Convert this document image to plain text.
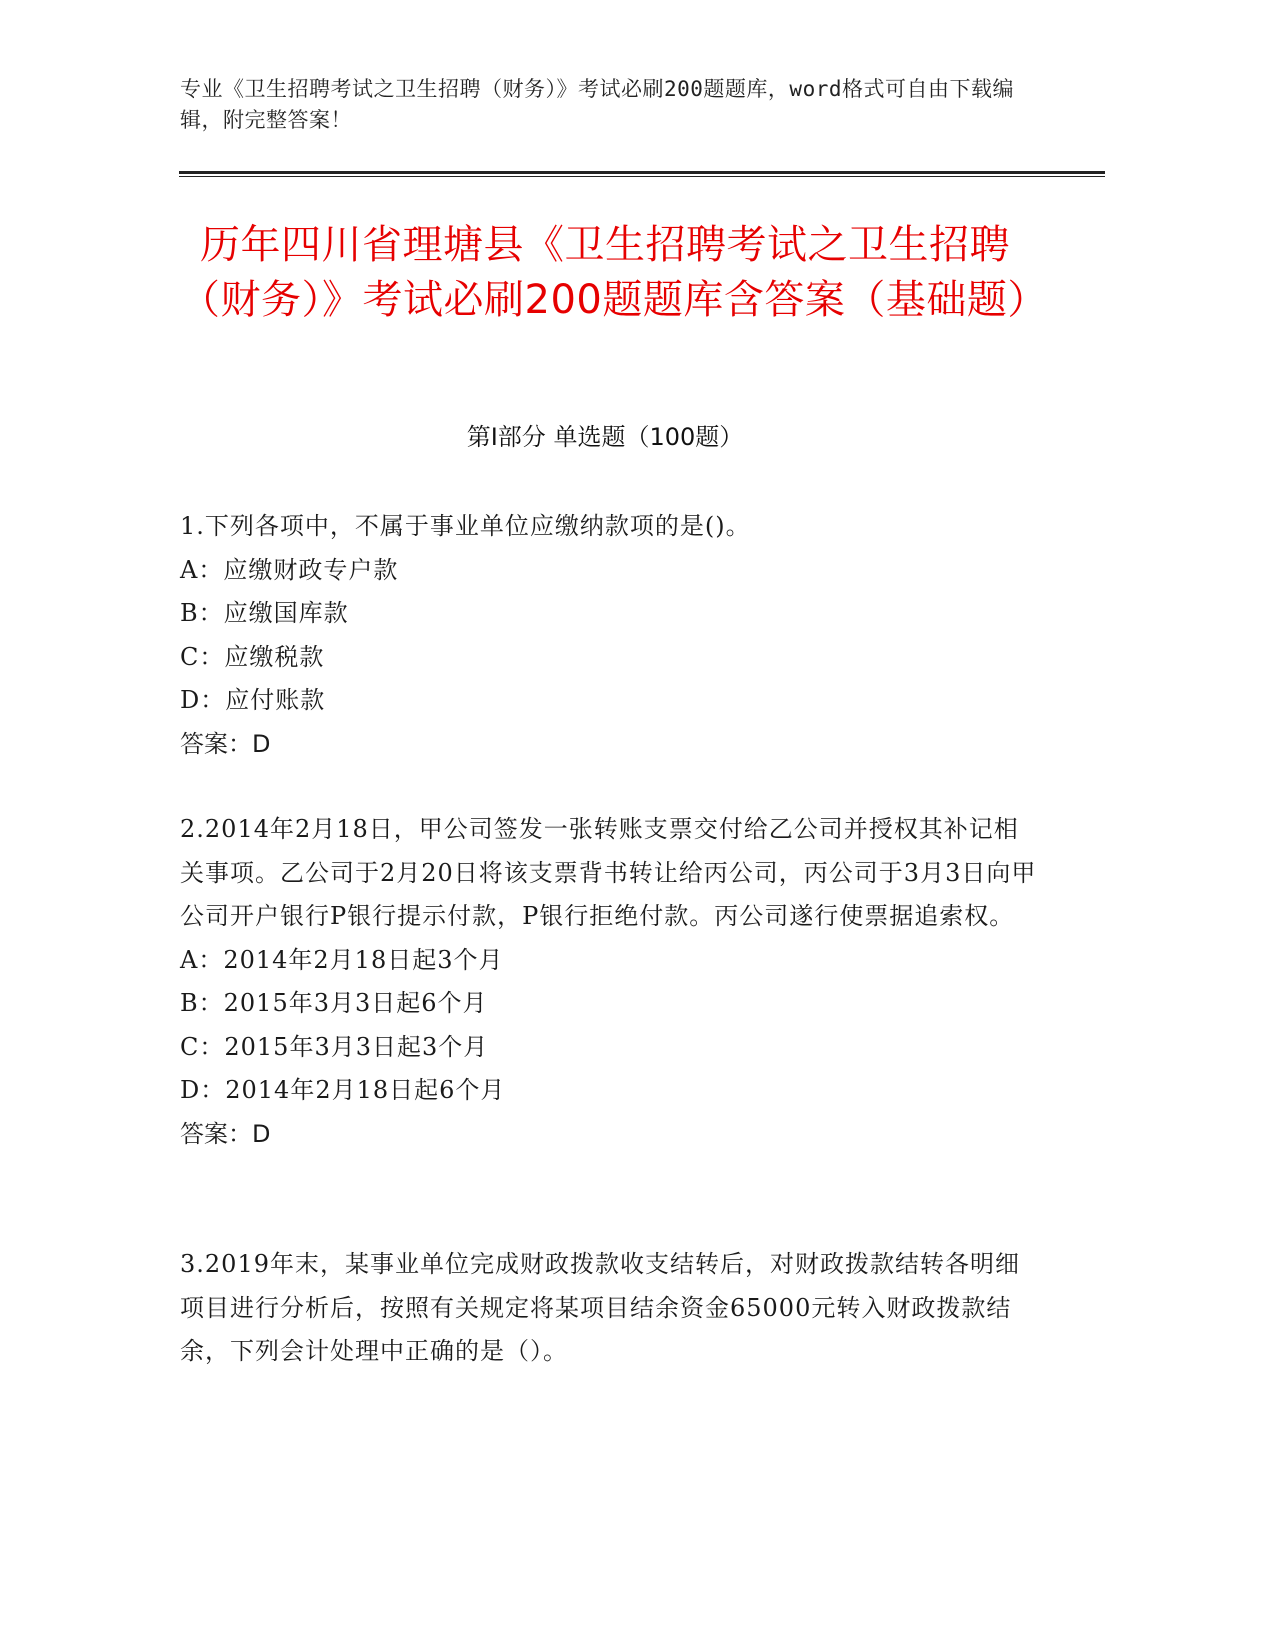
专业《卫生招聘考试之卫生招聘（财务）》考试必刷200题题库，word格式可自由下载编辑，附完整答案！
历年四川省理塘县《卫生招聘考试之卫生招聘（财务）》考试必刷200题题库含答案（基础题）
第Ⅰ部分 单选题（100题）
1.下列各项中，不属于事业单位应缴纳款项的是()。
A：应缴财政专户款
B：应缴国库款
C：应缴税款
D：应付账款
答案：D
2.2014年2月18日，甲公司签发一张转账支票交付给乙公司并授权其补记相关事项。乙公司于2月20日将该支票背书转让给丙公司，丙公司于3月3日向甲公司开户银行P银行提示付款，P银行拒绝付款。丙公司遂行使票据追索权。
A：2014年2月18日起3个月
B：2015年3月3日起6个月
C：2015年3月3日起3个月
D：2014年2月18日起6个月
答案：D
3.2019年末，某事业单位完成财政拨款收支结转后，对财政拨款结转各明细项目进行分析后，按照有关规定将某项目结余资金65000元转入财政拨款结余，下列会计处理中正确的是（）。
